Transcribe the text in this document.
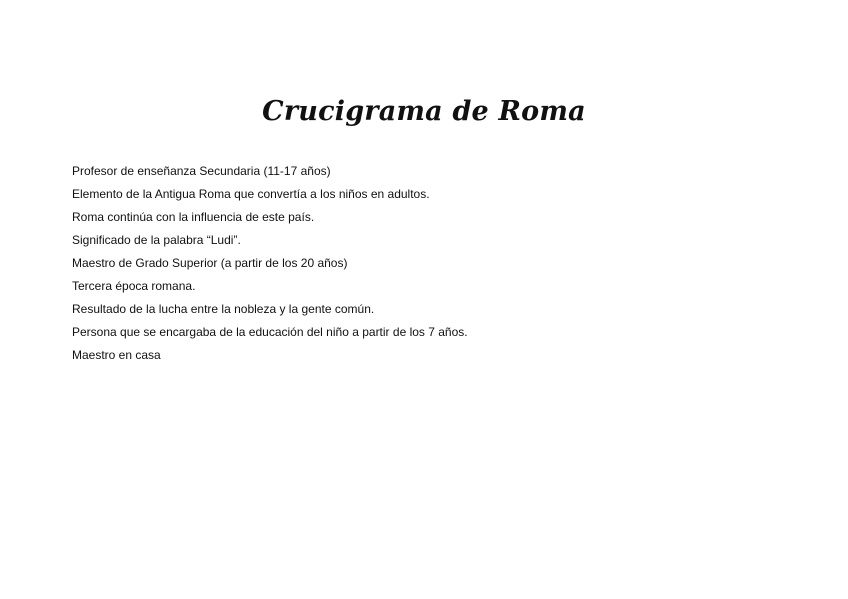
Crucigrama de Roma
Profesor de enseñanza Secundaria (11-17 años)
Elemento de la Antigua Roma que convertía a los niños en adultos.
Roma continúa con la influencia de este país.
Significado de la palabra “Ludi”.
Maestro de Grado Superior (a partir de los 20 años)
Tercera época romana.
Resultado de la lucha entre la nobleza y la gente común.
Persona que se encargaba de la educación del niño a partir de los 7 años.
Maestro en casa
